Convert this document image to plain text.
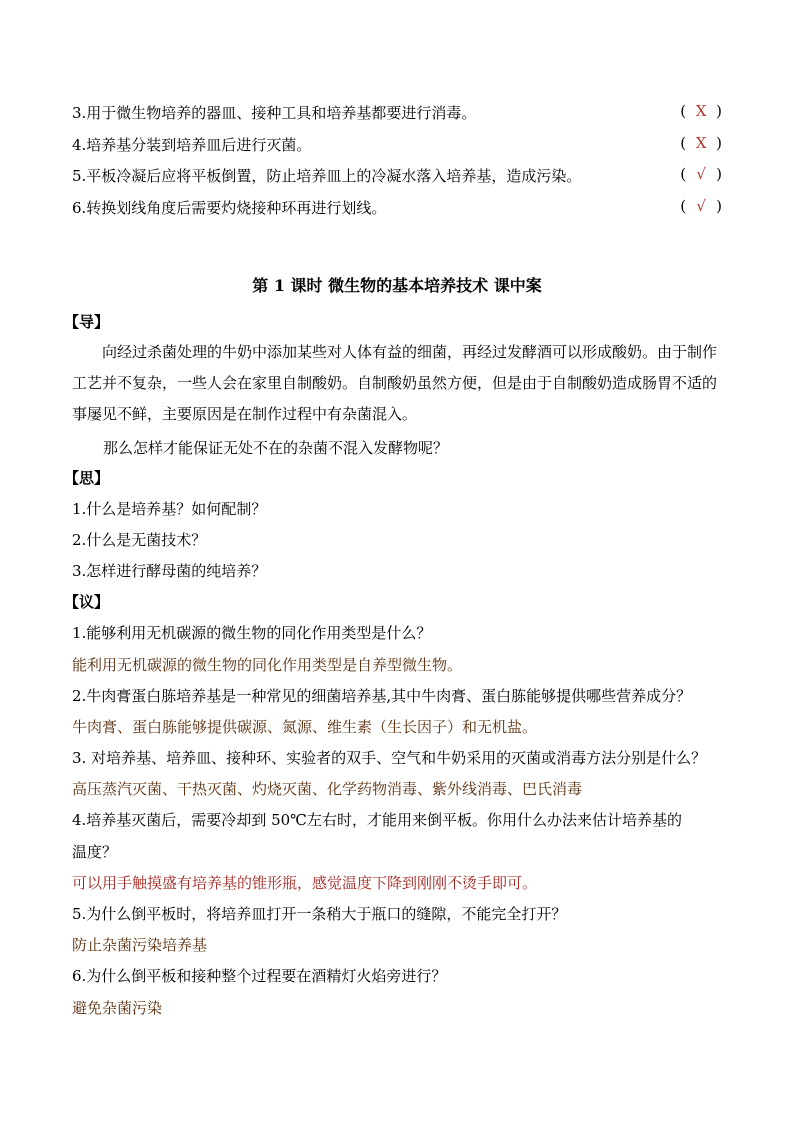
3.用于微生物培养的器皿、接种工具和培养基都要进行消毒。	( X )
4.培养基分装到培养皿后进行灭菌。	( X )
5.平板冷凝后应将平板倒置，防止培养皿上的冷凝水落入培养基，造成污染。	( √ )
6.转换划线角度后需要灼烧接种环再进行划线。	( √ )
第 1 课时 微生物的基本培养技术 课中案
【导】
向经过杀菌处理的牛奶中添加某些对人体有益的细菌，再经过发酵酒可以形成酸奶。由于制作工艺并不复杂，一些人会在家里自制酸奶。自制酸奶虽然方便，但是由于自制酸奶造成肠胃不适的事屡见不鲜，主要原因是在制作过程中有杂菌混入。
那么怎样才能保证无处不在的杂菌不混入发酵物呢？
【思】
1.什么是培养基？如何配制？
2.什么是无菌技术？
3.怎样进行酵母菌的纯培养？
【议】
1.能够利用无机碳源的微生物的同化作用类型是什么？
能利用无机碳源的微生物的同化作用类型是自养型微生物。
2.牛肉膏蛋白胨培养基是一种常见的细菌培养基,其中牛肉膏、蛋白胨能够提供哪些营养成分？
牛肉膏、蛋白胨能够提供碳源、氮源、维生素（生长因子）和无机盐。
3. 对培养基、培养皿、接种环、实验者的双手、空气和牛奶采用的灭菌或消毒方法分别是什么？
高压蒸汽灭菌、干热灭菌、灼烧灭菌、化学药物消毒、紫外线消毒、巴氏消毒
4.培养基灭菌后，需要冷却到 50℃左右时，才能用来倒平板。你用什么办法来估计培养基的
温度？
可以用手触摸盛有培养基的锥形瓶，感觉温度下降到刚刚不烫手即可。
5.为什么倒平板时，将培养皿打开一条稍大于瓶口的缝隙，不能完全打开？
防止杂菌污染培养基
6.为什么倒平板和接种整个过程要在酒精灯火焰旁进行？
避免杂菌污染
